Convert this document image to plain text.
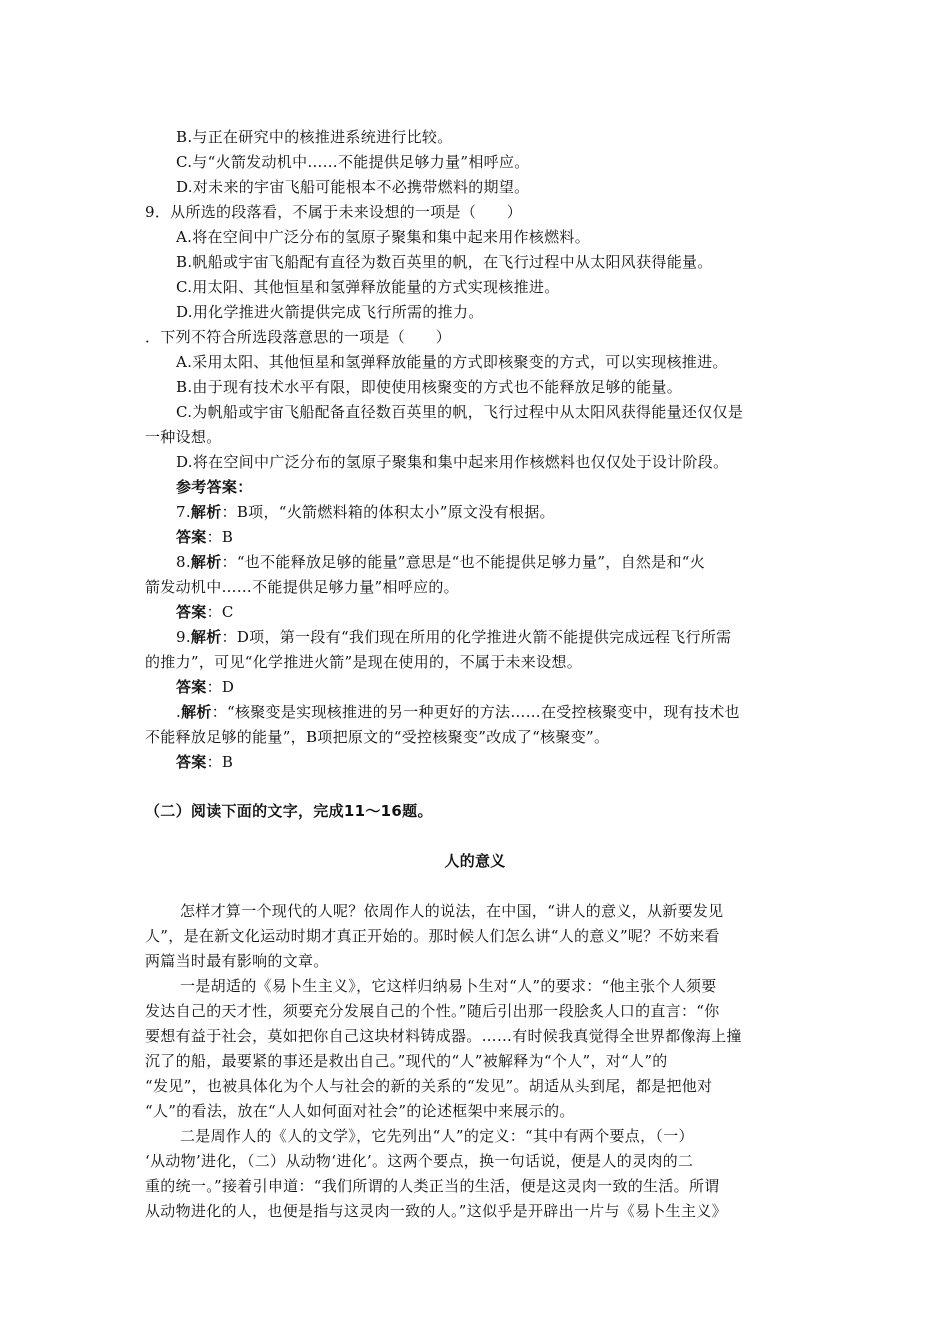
B.与正在研究中的核推进系统进行比较。
C.与“火箭发动机中……不能提供足够力量”相呼应。
D.对未来的宇宙飞船可能根本不必携带燃料的期望。
9．从所选的段落看，不属于未来设想的一项是（　　）
A.将在空间中广泛分布的氢原子聚集和集中起来用作核燃料。
B.帆船或宇宙飞船配有直径为数百英里的帆，在飞行过程中从太阳风获得能量。
C.用太阳、其他恒星和氢弹释放能量的方式实现核推进。
D.用化学推进火箭提供完成飞行所需的推力。
．下列不符合所选段落意思的一项是（　　）
A.采用太阳、其他恒星和氢弹释放能量的方式即核聚变的方式，可以实现核推进。
B.由于现有技术水平有限，即使使用核聚变的方式也不能释放足够的能量。
C.为帆船或宇宙飞船配备直径数百英里的帆，飞行过程中从太阳风获得能量还仅仅是
一种设想。
D.将在空间中广泛分布的氢原子聚集和集中起来用作核燃料也仅仅处于设计阶段。
参考答案：
7.解析：B项，“火箭燃料箱的体积太小”原文没有根据。
答案：B
8.解析：“也不能释放足够的能量”意思是“也不能提供足够力量”，自然是和“火
箭发动机中……不能提供足够力量”相呼应的。
答案：C
9.解析：D项，第一段有“我们现在所用的化学推进火箭不能提供完成远程飞行所需
的推力”，可见“化学推进火箭”是现在使用的，不属于未来设想。
答案：D
.解析：“核聚变是实现核推进的另一种更好的方法……在受控核聚变中，现有技术也
不能释放足够的能量”，B项把原文的“受控核聚变”改成了“核聚变”。
答案：B
（二）阅读下面的文字，完成11～16题。
人的意义
怎样才算一个现代的人呢？依周作人的说法，在中国，“讲人的意义，从新要发见
人”，是在新文化运动时期才真正开始的。那时候人们怎么讲“人的意义”呢？不妨来看
两篇当时最有影响的文章。
一是胡适的《易卜生主义》，它这样归纳易卜生对“人”的要求：“他主张个人须要
发达自己的天才性，须要充分发展自己的个性。”随后引出那一段脍炙人口的直言：“你
要想有益于社会，莫如把你自己这块材料铸成器。……有时候我真觉得全世界都像海上撞
沉了的船，最要紧的事还是救出自己。”现代的“人”被解释为“个人”，对“人”的
“发见”，也被具体化为个人与社会的新的关系的“发见”。胡适从头到尾，都是把他对
“人”的看法，放在“人人如何面对社会”的论述框架中来展示的。
二是周作人的《人的文学》，它先列出“人”的定义：“其中有两个要点，（一）
‘从动物’进化，（二）从动物‘进化’。这两个要点，换一句话说，便是人的灵肉的二
重的统一。”接着引申道：“我们所谓的人类正当的生活，便是这灵肉一致的生活。所谓
从动物进化的人，也便是指与这灵肉一致的人。”这似乎是开辟出一片与《易卜生主义》
